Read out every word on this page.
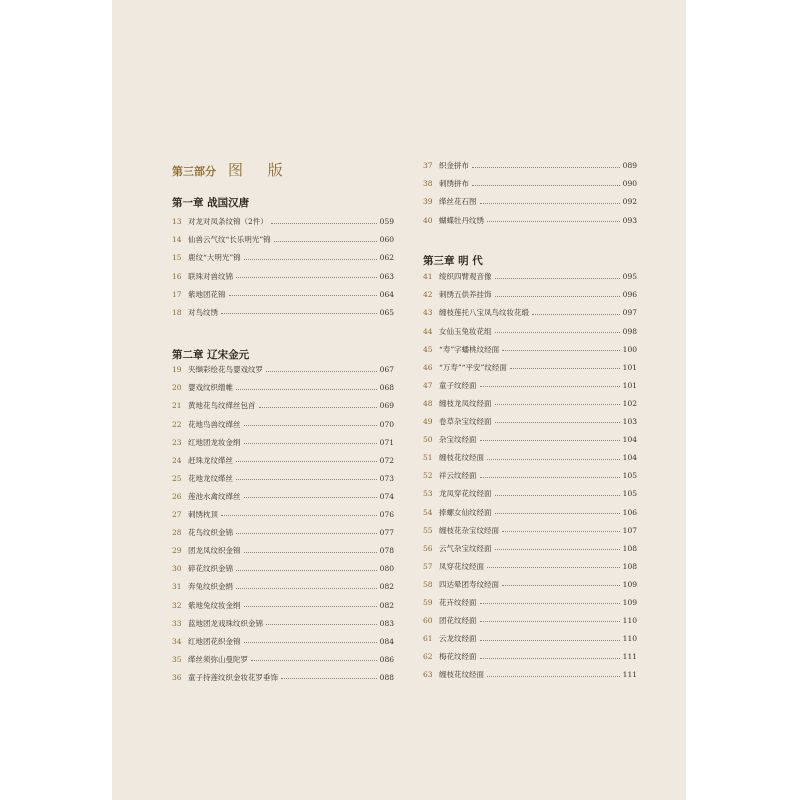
第三部分 图 版
第一章 战国汉唐
13 对龙对凤条纹锦（2件）	059
14 仙兽云气纹“长乐明光”锦	060
15 鹿纹“大明光”锦	062
16 联珠对兽纹锦	063
17 紫地团花锦	064
18 对鸟纹绣	065
第二章 辽宋金元
19 夹缬彩绘花鸟婴戏纹罗	067
20 婴戏纹织缯帷	068
21 黄地花鸟纹缂丝包首	069
22 花地鸟兽纹缂丝	070
23 红地团龙妆金绢	071
24 赶珠龙纹缂丝	072
25 花地龙纹缂丝	073
26 莲池水禽纹缂丝	074
27 刺绣枕顶	076
28 花鸟纹织金锦	077
29 团龙凤纹织金锦	078
30 碎花纹织金锦	080
31 奔兔纹织金绢	082
32 紫地兔纹妆金绢	082
33 蓝地团龙戏珠纹织金锦	083
34 红地团花织金锦	084
35 缂丝须弥山曼陀罗	086
36 童子持莲纹织金妆花罗垂饰	088
37 织金拼布	089
38 刺绣拼布	090
39 缂丝花石图	092
40 蝴蝶牡丹纹绣	093
第三章 明 代
41 绫织四臂观音像	095
42 刺绣五供养挂饰	096
43 缠枝莲托八宝凤鸟纹妆花缎	097
44 女仙玉兔妆花组	098
45 “寿”字蟠桃纹经面	100
46 “万寿”“平安”纹经面	101
47 童子纹经面	101
48 缠枝龙凤纹经面	102
49 卷草杂宝纹经面	103
50 杂宝纹经面	104
51 缠枝花纹经面	104
52 祥云纹经面	105
53 龙凤穿花纹经面	105
54 捧螺女仙纹经面	106
55 缠枝花杂宝纹经面	107
56 云气杂宝纹经面	108
57 凤穿花纹经面	108
58 四达晕团寿纹经面	109
59 花卉纹经面	109
60 团花纹经面	110
61 云龙纹经面	110
62 梅花纹经面	111
63 缠枝花纹经面	111
